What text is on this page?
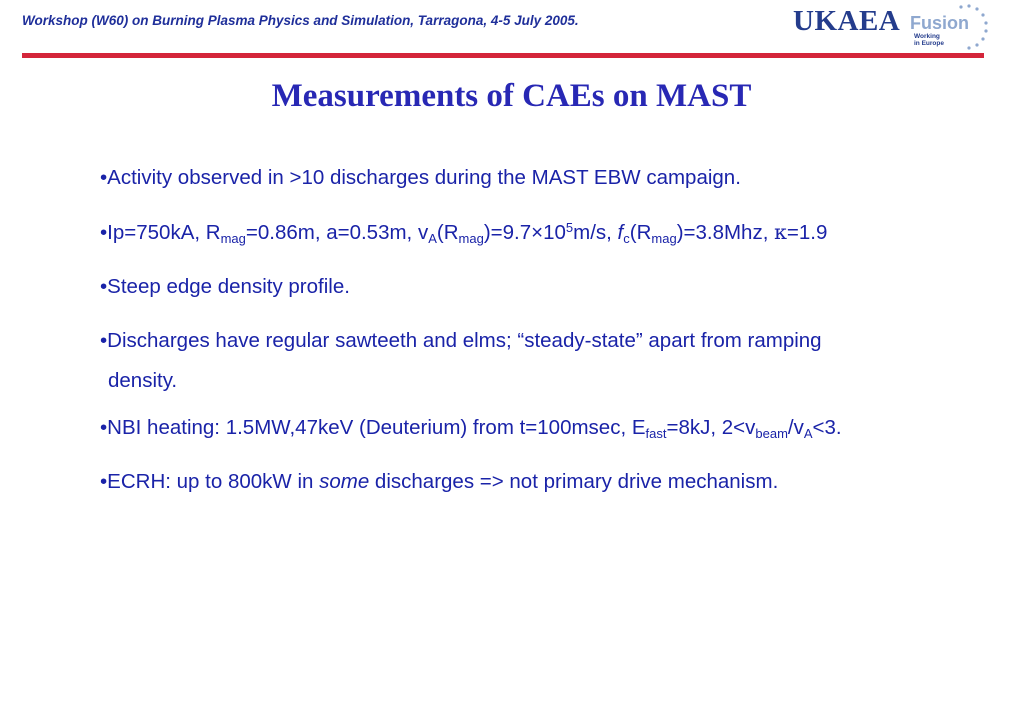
Workshop (W60) on Burning Plasma Physics and Simulation, Tarragona, 4-5 July 2005.	UKAEA Fusion
Working
in Europe
Measurements of CAEs on MAST
•Activity observed in >10 discharges during the MAST EBW campaign.
•Ip=750kA, $R_{mag}=0.86m$, a=0.53m, $v_A(R_{mag})=9.7\times 10^5m/s$, $f_c(R_{mag})=3.8Mhz$, κ=1.9
•Steep edge density profile.
•Discharges have regular sawteeth and elms; “steady-state” apart from ramping
density.
•NBI heating: 1.5MW,47keV (Deuterium) from t=100msec, $E_{fast}=8kJ$, $2<v_{beam}/v_A<3$.
•ECRH: up to 800kW in some discharges => not primary drive mechanism.
